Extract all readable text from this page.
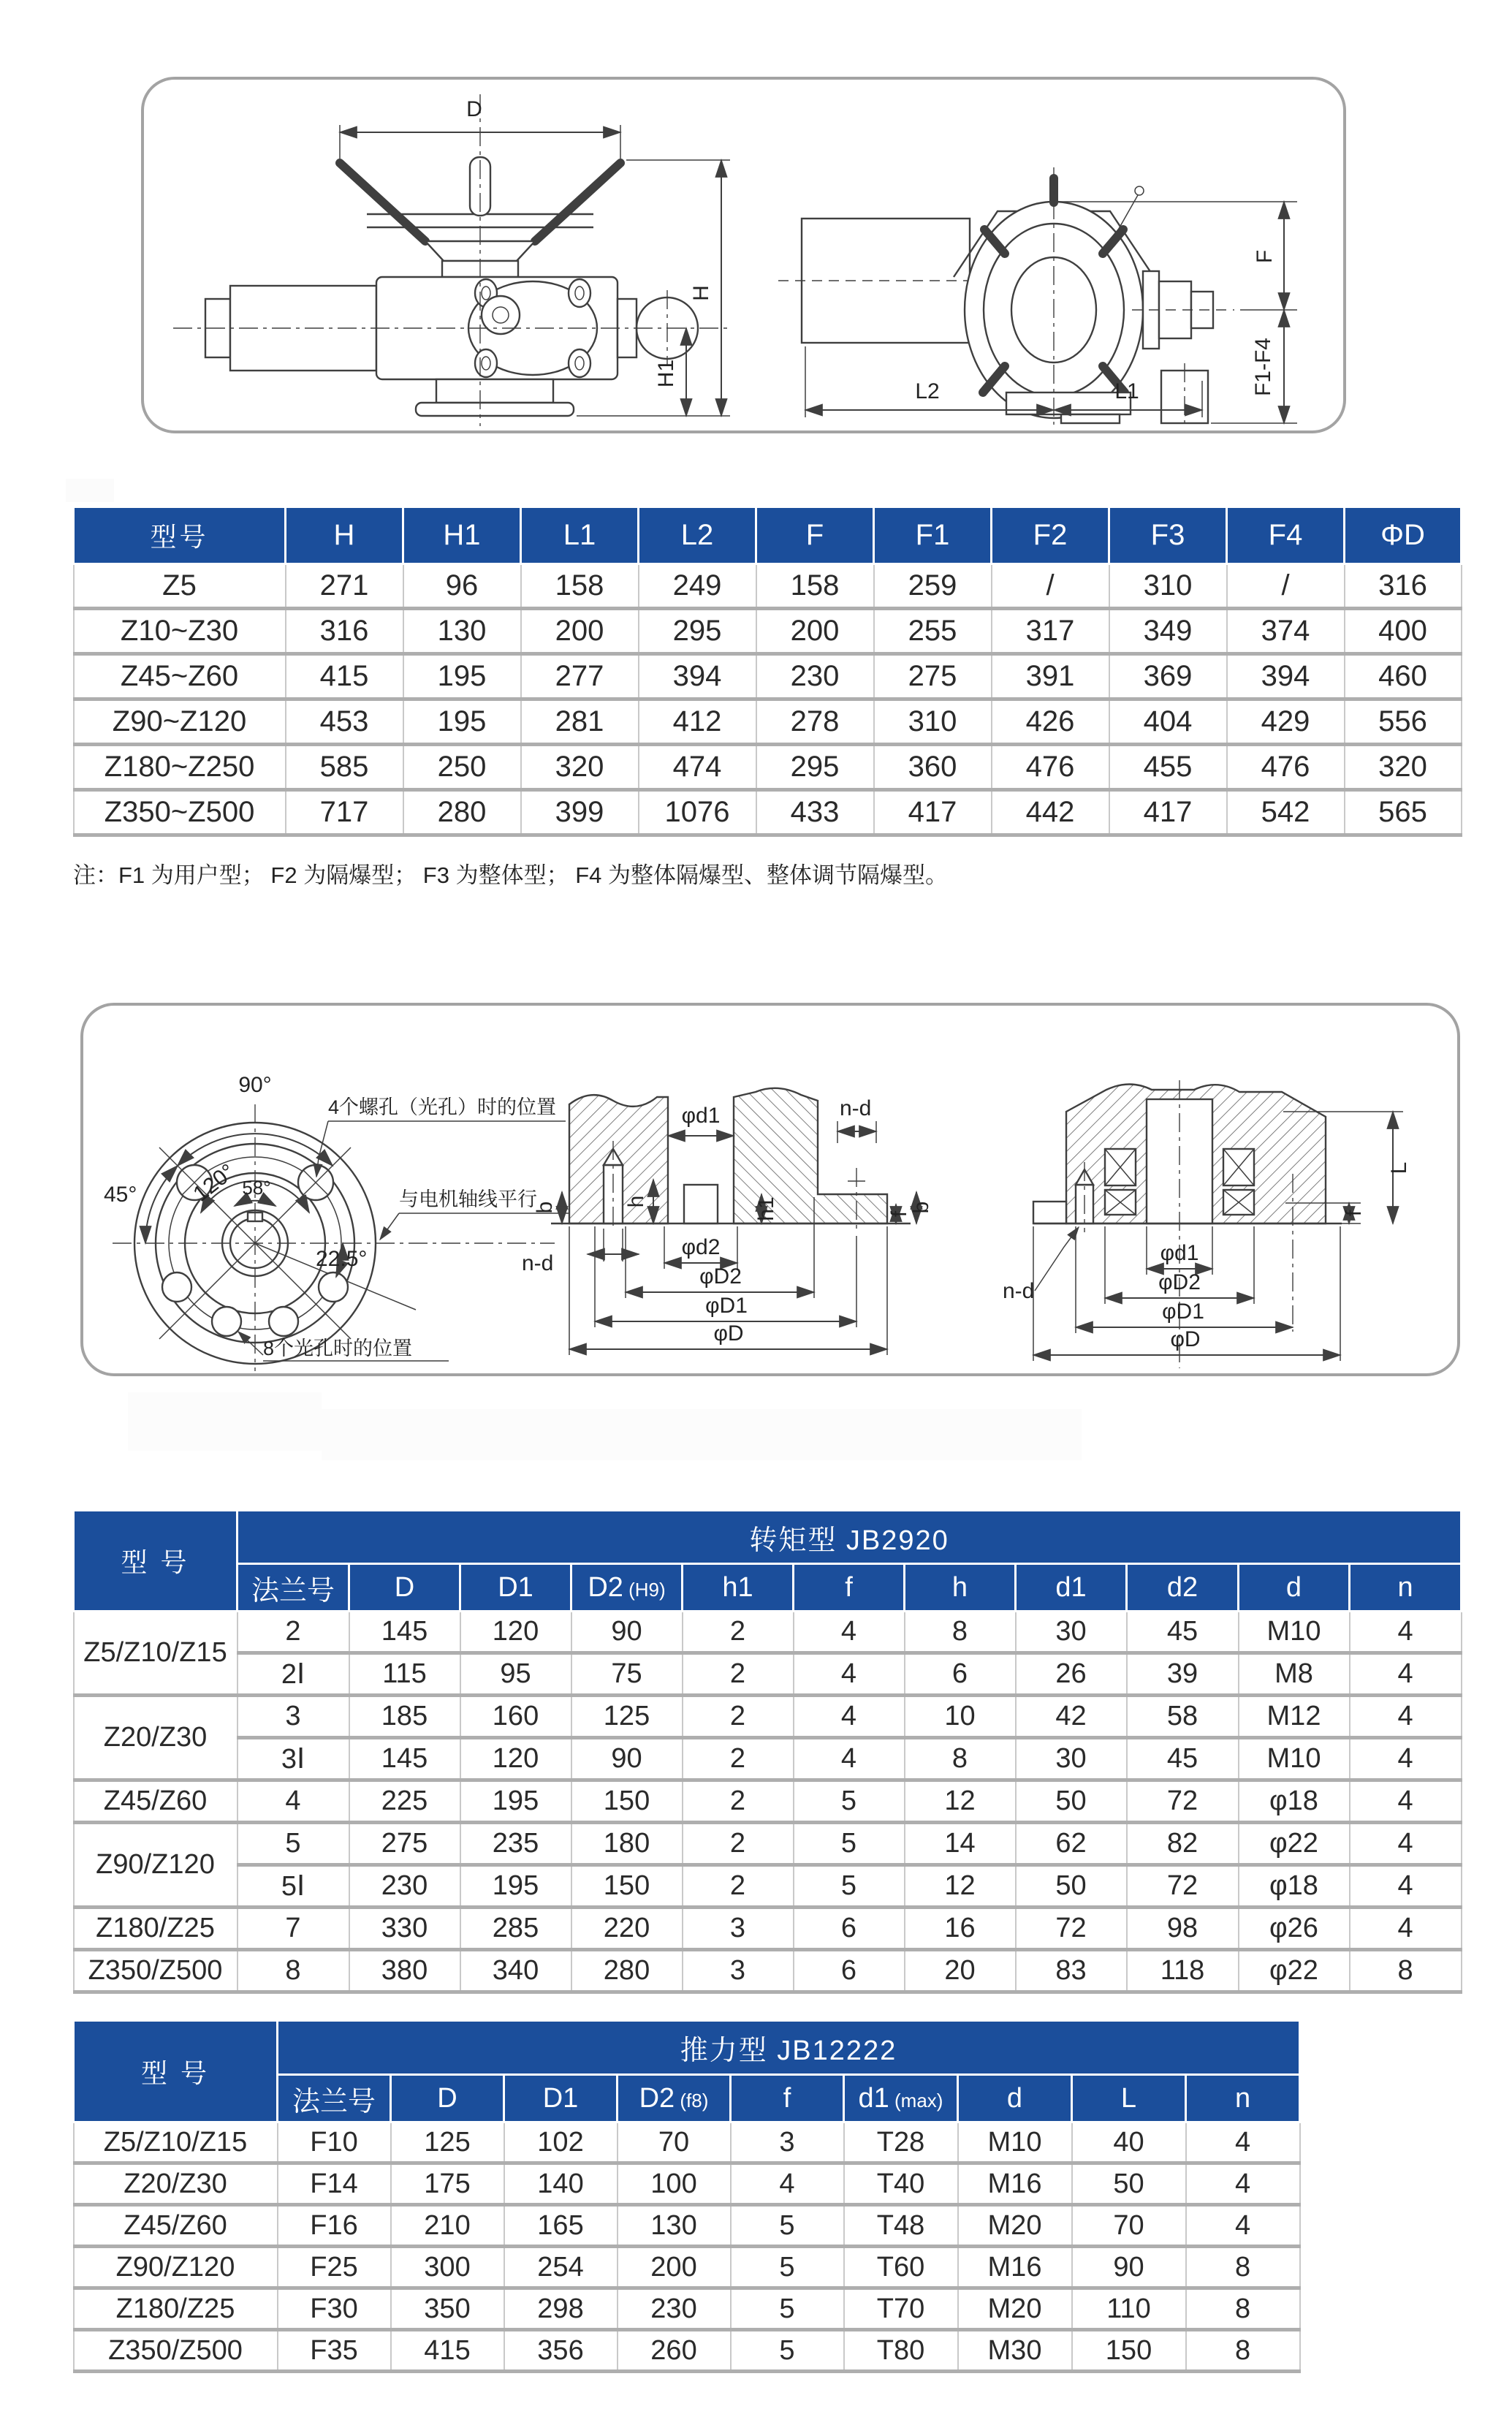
D
H
H1
F
F1-F4
L2	L1
型号	H	H1	L1	L2	F	F1	F2	F3	F4	ΦD
Z5	271	96	158	249	158	259	/	310	/	316
Z10~Z30	316	130	200	295	200	255	317	349	374	400
Z45~Z60	415	195	277	394	230	275	391	369	394	460
Z90~Z120	453	195	281	412	278	310	426	404	429	556
Z180~Z250	585	250	320	474	295	360	476	455	476	320
Z350~Z500	717	280	399	1076	433	417	442	417	542	565
注：F1 为用户型； F2 为隔爆型； F3 为整体型； F4 为整体隔爆型、整体调节隔爆型。
90°
45° 120° 58°
22.5°
4个螺孔（光孔）时的位置
与电机轴线平行
8个光孔时的位置
φd1
b	h	h1	f
b
n-d
n-d
φd2
φD2
φD1
φD
n-d
f
L
φd1
φD2
φD1
φD
型 号	转矩型 JB2920										
	法兰号	D	D1	D2 (H9)	h1	f	h	d1	d2	d	n
Z5/Z10/Z15	2	145	120	90	2	4	8	30	45	M10	4
	2Ⅰ	115	95	75	2	4	6	26	39	M8	4
Z20/Z30	3	185	160	125	2	4	10	42	58	M12	4
	3Ⅰ	145	120	90	2	4	8	30	45	M10	4
Z45/Z60	4	225	195	150	2	5	12	50	72	φ18	4
Z90/Z120	5	275	235	180	2	5	14	62	82	φ22	4
	5Ⅰ	230	195	150	2	5	12	50	72	φ18	4
Z180/Z25	7	330	285	220	3	6	16	72	98	φ26	4
Z350/Z500	8	380	340	280	3	6	20	83	118	φ22	8
型 号	推力型 JB12222								
	法兰号	D	D1	D2 (f8)	f	d1 (max)	d	L	n
Z5/Z10/Z15	F10	125	102	70	3	T28	M10	40	4
Z20/Z30	F14	175	140	100	4	T40	M16	50	4
Z45/Z60	F16	210	165	130	5	T48	M20	70	4
Z90/Z120	F25	300	254	200	5	T60	M16	90	8
Z180/Z25	F30	350	298	230	5	T70	M20	110	8
Z350/Z500	F35	415	356	260	5	T80	M30	150	8
